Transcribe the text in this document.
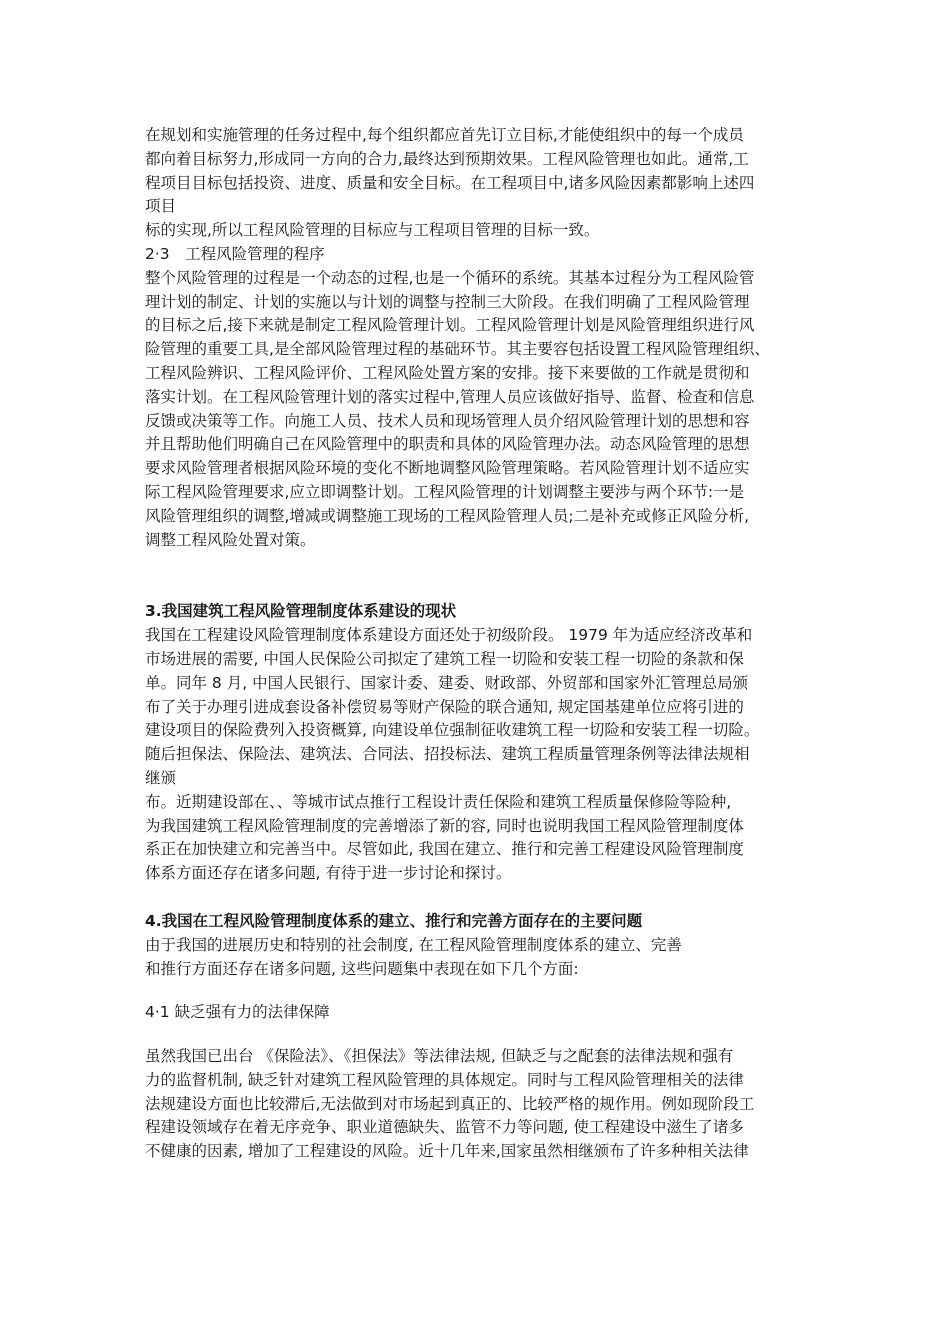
在规划和实施管理的任务过程中,每个组织都应首先订立目标,才能使组织中的每一个成员
都向着目标努力,形成同一方向的合力,最终达到预期效果。工程风险管理也如此。通常,工
程项目目标包括投资、进度、质量和安全目标。在工程项目中,诸多风险因素都影响上述四
项目
标的实现,所以工程风险管理的目标应与工程项目管理的目标一致。
2·3　工程风险管理的程序
整个风险管理的过程是一个动态的过程,也是一个循环的系统。其基本过程分为工程风险管
理计划的制定、计划的实施以与计划的调整与控制三大阶段。在我们明确了工程风险管理
的目标之后,接下来就是制定工程风险管理计划。工程风险管理计划是风险管理组织进行风
险管理的重要工具,是全部风险管理过程的基础环节。其主要容包括设置工程风险管理组织、
工程风险辨识、工程风险评价、工程风险处置方案的安排。接下来要做的工作就是贯彻和
落实计划。在工程风险管理计划的落实过程中,管理人员应该做好指导、监督、检查和信息
反馈或决策等工作。向施工人员、技术人员和现场管理人员介绍风险管理计划的思想和容
并且帮助他们明确自己在风险管理中的职责和具体的风险管理办法。动态风险管理的思想
要求风险管理者根据风险环境的变化不断地调整风险管理策略。若风险管理计划不适应实
际工程风险管理要求,应立即调整计划。工程风险管理的计划调整主要涉与两个环节:一是
风险管理组织的调整,增减或调整施工现场的工程风险管理人员;二是补充或修正风险分析,
调整工程风险处置对策。
3.我国建筑工程风险管理制度体系建设的现状
我国在工程建设风险管理制度体系建设方面还处于初级阶段。 1979 年为适应经济改革和
市场进展的需要, 中国人民保险公司拟定了建筑工程一切险和安装工程一切险的条款和保
单。同年 8 月, 中国人民银行、国家计委、建委、财政部、外贸部和国家外汇管理总局颁
布了关于办理引进成套设备补偿贸易等财产保险的联合通知, 规定国基建单位应将引进的
建设项目的保险费列入投资概算, 向建设单位强制征收建筑工程一切险和安装工程一切险。
随后担保法、保险法、建筑法、合同法、招投标法、建筑工程质量管理条例等法律法规相
继颁
布。近期建设部在、、等城市试点推行工程设计责任保险和建筑工程质量保修险等险种,
为我国建筑工程风险管理制度的完善增添了新的容, 同时也说明我国工程风险管理制度体
系正在加快建立和完善当中。尽管如此, 我国在建立、推行和完善工程建设风险管理制度
体系方面还存在诸多问题, 有待于进一步讨论和探讨。
4.我国在工程风险管理制度体系的建立、推行和完善方面存在的主要问题
由于我国的进展历史和特别的社会制度, 在工程风险管理制度体系的建立、完善
和推行方面还存在诸多问题, 这些问题集中表现在如下几个方面:
4·1 缺乏强有力的法律保障
虽然我国已出台 《保险法》、《担保法》等法律法规, 但缺乏与之配套的法律法规和强有
力的监督机制, 缺乏针对建筑工程风险管理的具体规定。同时与工程风险管理相关的法律
法规建设方面也比较滞后,无法做到对市场起到真正的、比较严格的规作用。例如现阶段工
程建设领域存在着无序竞争、职业道德缺失、监管不力等问题, 使工程建设中滋生了诸多
不健康的因素, 增加了工程建设的风险。近十几年来,国家虽然相继颁布了许多种相关法律
